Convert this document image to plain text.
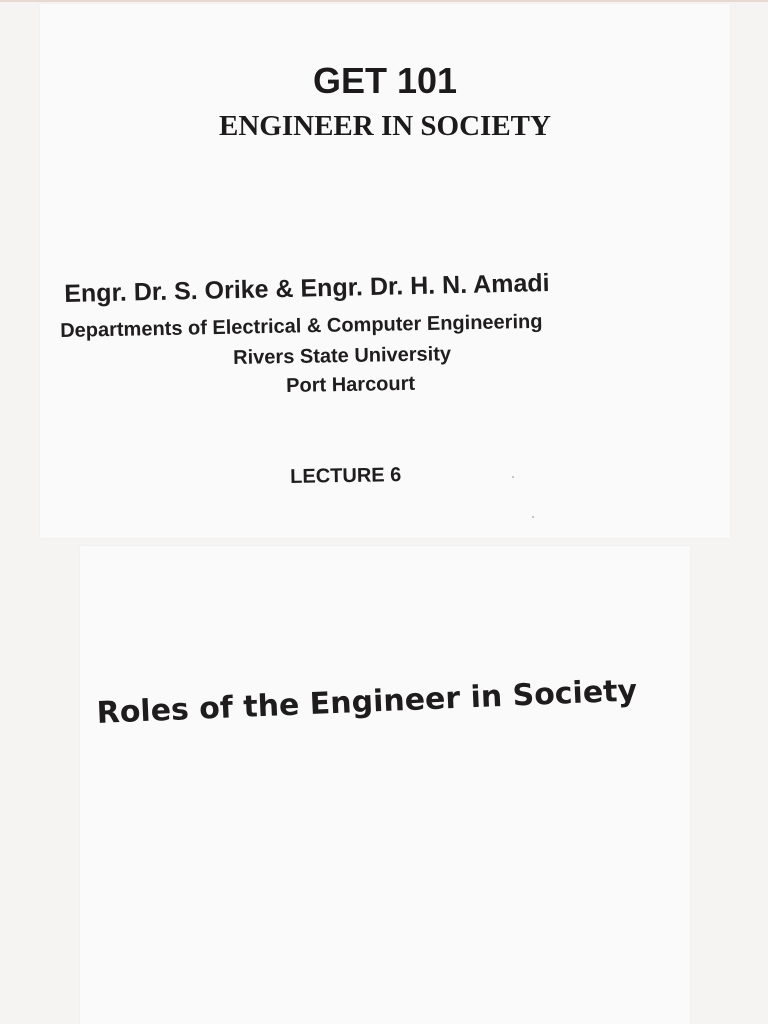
GET 101
ENGINEER IN SOCIETY
Engr. Dr. S. Orike & Engr. Dr. H. N. Amadi
Departments of Electrical & Computer Engineering
Rivers State University
Port Harcourt
LECTURE 6
Roles of the Engineer in Society
